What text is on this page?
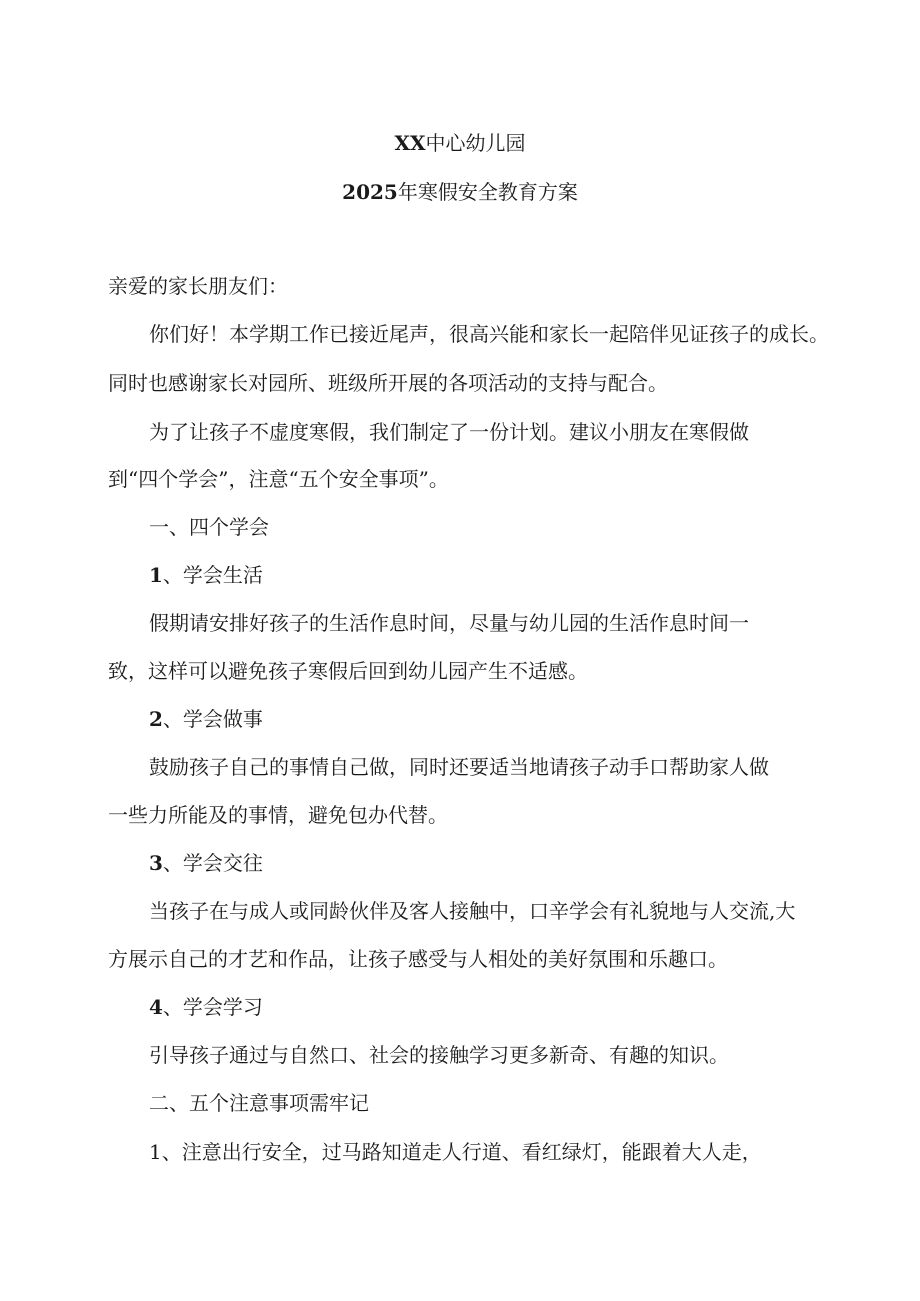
XX中心幼儿园
2025年寒假安全教育方案
亲爱的家长朋友们：
你们好！本学期工作已接近尾声，很高兴能和家长一起陪伴见证孩子的成长。
同时也感谢家长对园所、班级所开展的各项活动的支持与配合。
为了让孩子不虚度寒假，我们制定了一份计划。建议小朋友在寒假做
到“四个学会”，注意“五个安全事项”。
一、四个学会
1、学会生活
假期请安排好孩子的生活作息时间，尽量与幼儿园的生活作息时间一
致，这样可以避免孩子寒假后回到幼儿园产生不适感。
2、学会做事
鼓励孩子自己的事情自己做，同时还要适当地请孩子动手口帮助家人做
一些力所能及的事情，避免包办代替。
3、学会交往
当孩子在与成人或同龄伙伴及客人接触中，口辛学会有礼貌地与人交流,大
方展示自己的才艺和作品，让孩子感受与人相处的美好氛围和乐趣口。
4、学会学习
引导孩子通过与自然口、社会的接触学习更多新奇、有趣的知识。
二、五个注意事项需牢记
1、注意出行安全，过马路知道走人行道、看红绿灯，能跟着大人走，
